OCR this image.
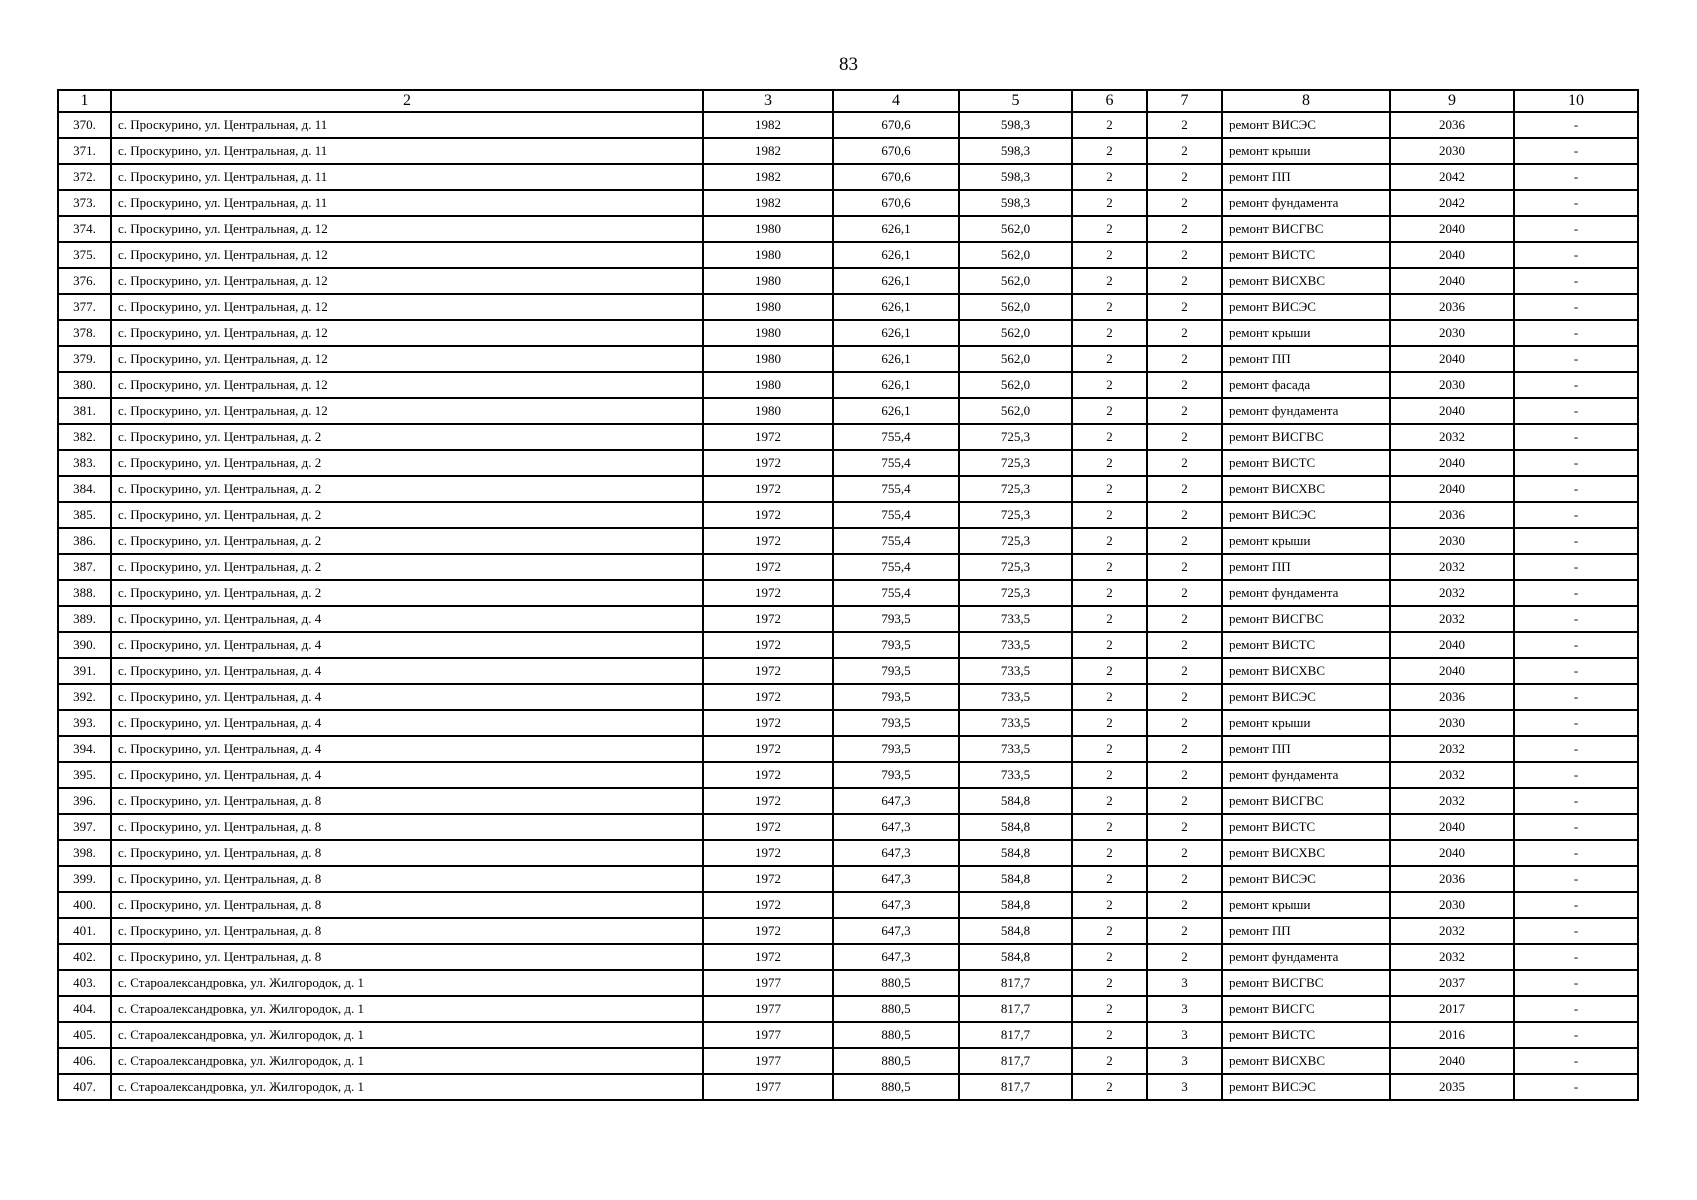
83
1	2	3	4	5	6	7	8	9	10
370.	с. Проскурино, ул. Центральная, д. 11	1982	670,6	598,3	2	2	ремонт ВИСЭС	2036	-
371.	с. Проскурино, ул. Центральная, д. 11	1982	670,6	598,3	2	2	ремонт крыши	2030	-
372.	с. Проскурино, ул. Центральная, д. 11	1982	670,6	598,3	2	2	ремонт ПП	2042	-
373.	с. Проскурино, ул. Центральная, д. 11	1982	670,6	598,3	2	2	ремонт фундамента	2042	-
374.	с. Проскурино, ул. Центральная, д. 12	1980	626,1	562,0	2	2	ремонт ВИСГВС	2040	-
375.	с. Проскурино, ул. Центральная, д. 12	1980	626,1	562,0	2	2	ремонт ВИСТС	2040	-
376.	с. Проскурино, ул. Центральная, д. 12	1980	626,1	562,0	2	2	ремонт ВИСХВС	2040	-
377.	с. Проскурино, ул. Центральная, д. 12	1980	626,1	562,0	2	2	ремонт ВИСЭС	2036	-
378.	с. Проскурино, ул. Центральная, д. 12	1980	626,1	562,0	2	2	ремонт крыши	2030	-
379.	с. Проскурино, ул. Центральная, д. 12	1980	626,1	562,0	2	2	ремонт ПП	2040	-
380.	с. Проскурино, ул. Центральная, д. 12	1980	626,1	562,0	2	2	ремонт фасада	2030	-
381.	с. Проскурино, ул. Центральная, д. 12	1980	626,1	562,0	2	2	ремонт фундамента	2040	-
382.	с. Проскурино, ул. Центральная, д. 2	1972	755,4	725,3	2	2	ремонт ВИСГВС	2032	-
383.	с. Проскурино, ул. Центральная, д. 2	1972	755,4	725,3	2	2	ремонт ВИСТС	2040	-
384.	с. Проскурино, ул. Центральная, д. 2	1972	755,4	725,3	2	2	ремонт ВИСХВС	2040	-
385.	с. Проскурино, ул. Центральная, д. 2	1972	755,4	725,3	2	2	ремонт ВИСЭС	2036	-
386.	с. Проскурино, ул. Центральная, д. 2	1972	755,4	725,3	2	2	ремонт крыши	2030	-
387.	с. Проскурино, ул. Центральная, д. 2	1972	755,4	725,3	2	2	ремонт ПП	2032	-
388.	с. Проскурино, ул. Центральная, д. 2	1972	755,4	725,3	2	2	ремонт фундамента	2032	-
389.	с. Проскурино, ул. Центральная, д. 4	1972	793,5	733,5	2	2	ремонт ВИСГВС	2032	-
390.	с. Проскурино, ул. Центральная, д. 4	1972	793,5	733,5	2	2	ремонт ВИСТС	2040	-
391.	с. Проскурино, ул. Центральная, д. 4	1972	793,5	733,5	2	2	ремонт ВИСХВС	2040	-
392.	с. Проскурино, ул. Центральная, д. 4	1972	793,5	733,5	2	2	ремонт ВИСЭС	2036	-
393.	с. Проскурино, ул. Центральная, д. 4	1972	793,5	733,5	2	2	ремонт крыши	2030	-
394.	с. Проскурино, ул. Центральная, д. 4	1972	793,5	733,5	2	2	ремонт ПП	2032	-
395.	с. Проскурино, ул. Центральная, д. 4	1972	793,5	733,5	2	2	ремонт фундамента	2032	-
396.	с. Проскурино, ул. Центральная, д. 8	1972	647,3	584,8	2	2	ремонт ВИСГВС	2032	-
397.	с. Проскурино, ул. Центральная, д. 8	1972	647,3	584,8	2	2	ремонт ВИСТС	2040	-
398.	с. Проскурино, ул. Центральная, д. 8	1972	647,3	584,8	2	2	ремонт ВИСХВС	2040	-
399.	с. Проскурино, ул. Центральная, д. 8	1972	647,3	584,8	2	2	ремонт ВИСЭС	2036	-
400.	с. Проскурино, ул. Центральная, д. 8	1972	647,3	584,8	2	2	ремонт крыши	2030	-
401.	с. Проскурино, ул. Центральная, д. 8	1972	647,3	584,8	2	2	ремонт ПП	2032	-
402.	с. Проскурино, ул. Центральная, д. 8	1972	647,3	584,8	2	2	ремонт фундамента	2032	-
403.	с. Староалександровка, ул. Жилгородок, д. 1	1977	880,5	817,7	2	3	ремонт ВИСГВС	2037	-
404.	с. Староалександровка, ул. Жилгородок, д. 1	1977	880,5	817,7	2	3	ремонт ВИСГС	2017	-
405.	с. Староалександровка, ул. Жилгородок, д. 1	1977	880,5	817,7	2	3	ремонт ВИСТС	2016	-
406.	с. Староалександровка, ул. Жилгородок, д. 1	1977	880,5	817,7	2	3	ремонт ВИСХВС	2040	-
407.	с. Староалександровка, ул. Жилгородок, д. 1	1977	880,5	817,7	2	3	ремонт ВИСЭС	2035	-
